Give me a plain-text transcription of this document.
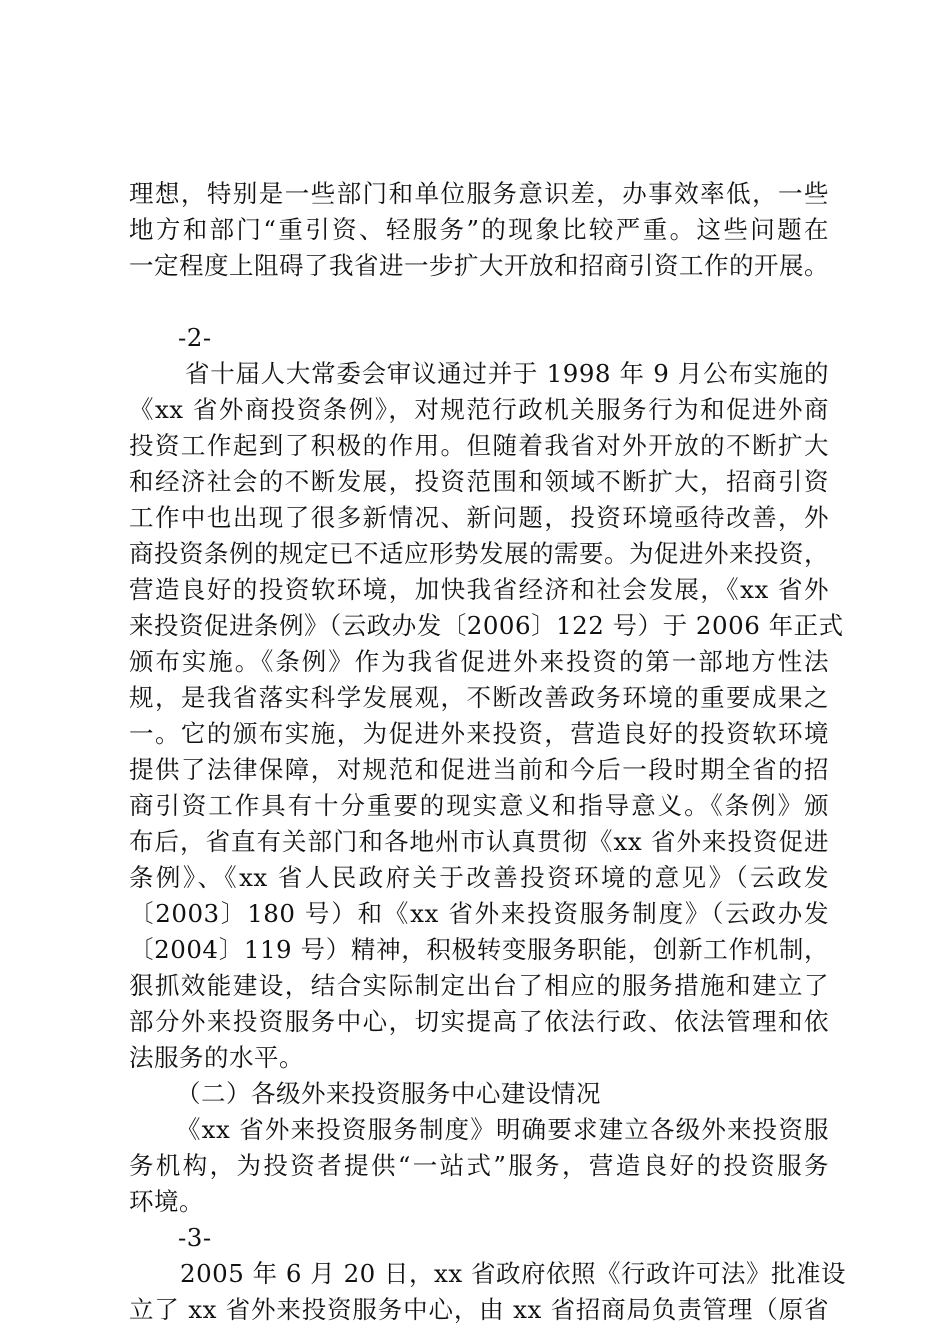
理想，特别是一些部门和单位服务意识差，办事效率低，一些
地方和部门“重引资、轻服务”的现象比较严重。这些问题在
一定程度上阻碍了我省进一步扩大开放和招商引资工作的开展。
-2-
省十届人大常委会审议通过并于 1998 年 9 月公布实施的
《xx 省外商投资条例》，对规范行政机关服务行为和促进外商
投资工作起到了积极的作用。但随着我省对外开放的不断扩大
和经济社会的不断发展，投资范围和领域不断扩大，招商引资
工作中也出现了很多新情况、新问题，投资环境亟待改善，外
商投资条例的规定已不适应形势发展的需要。为促进外来投资，
营造良好的投资软环境，加快我省经济和社会发展，《xx 省外
来投资促进条例》（云政办发〔2006〕122 号）于 2006 年正式
颁布实施。《条例》作为我省促进外来投资的第一部地方性法
规，是我省落实科学发展观，不断改善政务环境的重要成果之
一。它的颁布实施，为促进外来投资，营造良好的投资软环境
提供了法律保障，对规范和促进当前和今后一段时期全省的招
商引资工作具有十分重要的现实意义和指导意义。《条例》颁
布后，省直有关部门和各地州市认真贯彻《xx 省外来投资促进
条例》、《xx 省人民政府关于改善投资环境的意见》（云政发
〔2003〕180 号）和《xx 省外来投资服务制度》（云政办发
〔2004〕119 号）精神，积极转变服务职能，创新工作机制，
狠抓效能建设，结合实际制定出台了相应的服务措施和建立了
部分外来投资服务中心，切实提高了依法行政、依法管理和依
法服务的水平。
（二）各级外来投资服务中心建设情况
《xx 省外来投资服务制度》明确要求建立各级外来投资服
务机构，为投资者提供“一站式”服务，营造良好的投资服务
环境。
-3-
2005 年 6 月 20 日，xx 省政府依照《行政许可法》批准设
立了 xx 省外来投资服务中心，由 xx 省招商局负责管理（原省
